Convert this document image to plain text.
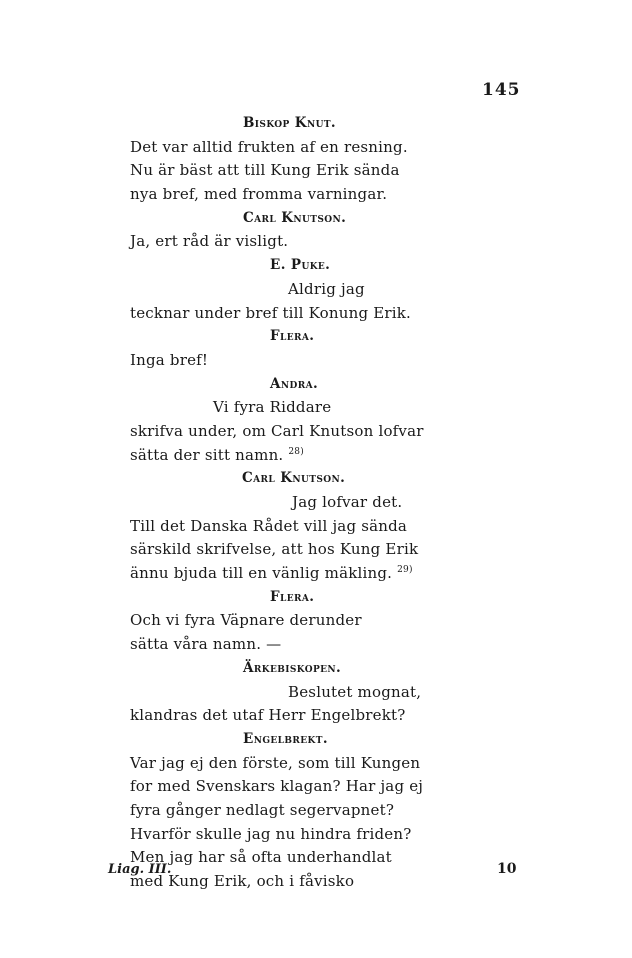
145
Biskop Knut.
Det var alltid frukten af en resning.
Nu är bäst att till Kung Erik sända
nya bref, med fromma varningar.
Carl Knutson.
Ja, ert råd är visligt.
E. Puke.
Aldrig jag
tecknar under bref till Konung Erik.
Flera.
Inga bref!
Andra.
Vi fyra Riddare
skrifva under, om Carl Knutson lofvar
sätta der sitt namn. $^{28)}$
Carl Knutson.
Jag lofvar det.
Till det Danska Rådet vill jag sända
särskild skrifvelse, att hos Kung Erik
ännu bjuda till en vänlig mäkling. $^{29)}$
Flera.
Och vi fyra Väpnare derunder
sätta våra namn. —
Ärkebiskopen.
Beslutet mognat,
klandras det utaf Herr Engelbrekt?
Engelbrekt.
Var jag ej den förste, som till Kungen
for med Svenskars klagan? Har jag ej
fyra gånger nedlagt segervapnet?
Hvarför skulle jag nu hindra friden?
Men jag har så ofta underhandlat
med Kung Erik, och i fåvisko
Liag. III.	10
